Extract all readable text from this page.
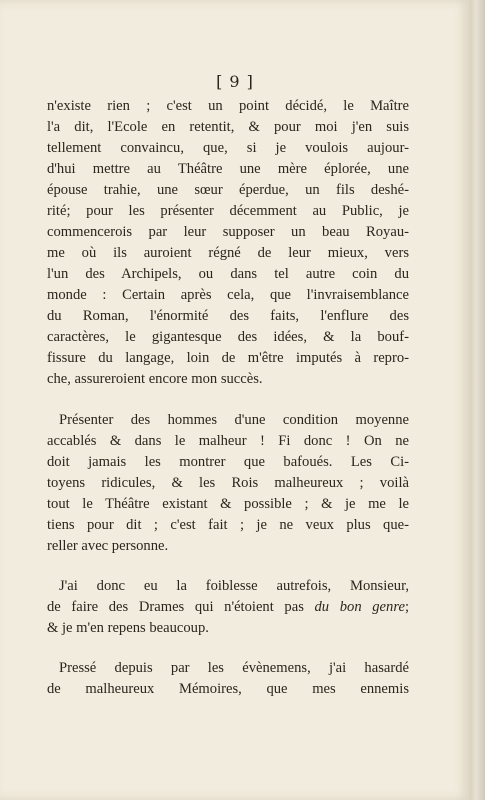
[ 9 ]
n'existe rien ; c'est un point décidé, le Maître
l'a dit, l'Ecole en retentit, & pour moi j'en suis
tellement convaincu, que, si je voulois aujour-
d'hui mettre au Théâtre une mère éplorée, une
épouse trahie, une sœur éperdue, un fils deshé-
rité; pour les présenter décemment au Public, je
commencerois par leur supposer un beau Royau-
me où ils auroient régné de leur mieux, vers
l'un des Archipels, ou dans tel autre coin du
monde : Certain après cela, que l'invraisemblance
du Roman, l'énormité des faits, l'enflure des
caractères, le gigantesque des idées, & la bouf-
fissure du langage, loin de m'être imputés à repro-
che, assureroient encore mon succès.
Présenter des hommes d'une condition moyenne
accablés & dans le malheur ! Fi donc ! On ne
doit jamais les montrer que bafoués. Les Ci-
toyens ridicules, & les Rois malheureux ; voilà
tout le Théâtre existant & possible ; & je me le
tiens pour dit ; c'est fait ; je ne veux plus que-
reller avec personne.
J'ai donc eu la foiblesse autrefois, Monsieur,
de faire des Drames qui n'étoient pas du bon genre;
& je m'en repens beaucoup.
Pressé depuis par les évènemens, j'ai hasardé
de malheureux Mémoires, que mes ennemis
